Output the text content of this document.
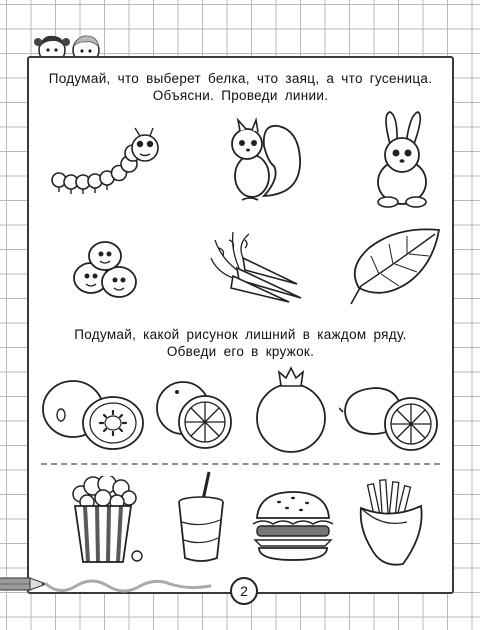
Подумай, что выберет белка, что заяц, а что гусеница.
Объясни. Проведи линии.
Подумай, какой рисунок лишний в каждом ряду.
Обведи его в кружок.
2
